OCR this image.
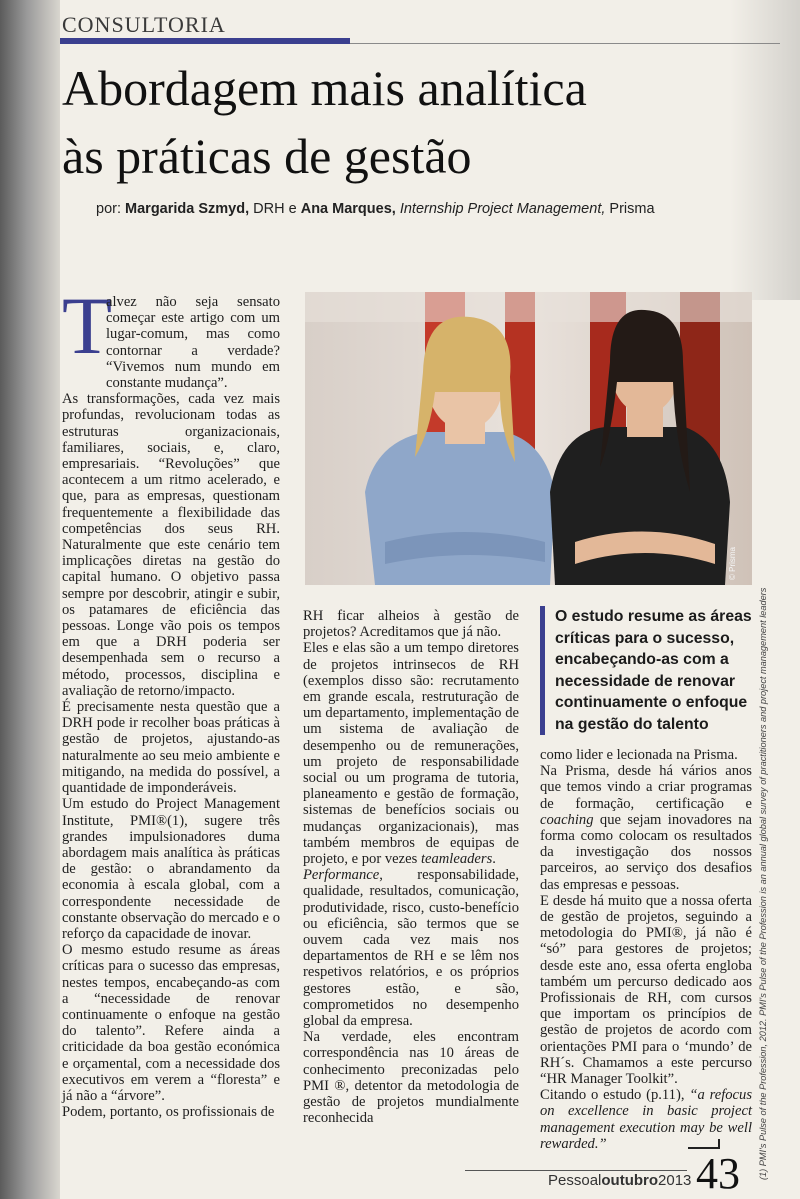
CONSULTORIA
Abordagem mais analítica
às práticas de gestão
por: Margarida Szmyd, DRH e Ana Marques, Internship Project Management, Prisma
T

alvez não seja sensato começar este artigo com um lugar-comum, mas como contornar a verdade? “Vivemos num mundo em constante mudança”.

As transformações, cada vez mais profundas, revolucionam todas as estruturas organizacionais, familiares, sociais, e, claro, empresariais. “Revoluções” que acontecem a um ritmo acelerado, e que, para as empresas, questionam frequentemente a flexibilidade das competências dos seus RH. Naturalmente que este cenário tem implicações diretas na gestão do capital humano. O objetivo passa sempre por descobrir, atingir e subir, os patamares de eficiência das pessoas. Longe vão pois os tempos em que a DRH poderia ser desempenhada sem o recurso a método, processos, disciplina e avaliação de retorno/impacto.

É precisamente nesta questão que a DRH pode ir recolher boas práticas à gestão de projetos, ajustando-as naturalmente ao seu meio ambiente e mitigando, na medida do possível, a quantidade de imponderáveis.

Um estudo do Project Management Institute, PMI®(1), sugere três grandes impulsionadores duma abordagem mais analítica às práticas de gestão: o abrandamento da economia à escala global, com a correspondente necessidade de constante observação do mercado e o reforço da capacidade de inovar.

O mesmo estudo resume as áreas críticas para o sucesso das empresas, nestes tempos, encabeçando-as com a “necessidade de renovar continuamente o enfoque na gestão do talento”. Refere ainda a criticidade da boa gestão económica e orçamental, com a necessidade dos executivos em verem a “floresta” e já não a “árvore”.

Podem, portanto, os profissionais de

© Prisma

RH ficar alheios à gestão de projetos? Acreditamos que já não.

Eles e elas são a um tempo diretores de projetos intrinsecos de RH (exemplos disso são: recrutamento em grande escala, restruturação de um departamento, implementação de um sistema de avaliação de desempenho ou de remunerações, um projeto de responsabilidade social ou um programa de tutoria, planeamento e gestão de formação, sistemas de benefícios sociais ou mudanças organizacionais), mas também membros de equipas de projeto, e por vezes teamleaders.

Performance, responsabilidade, qualidade, resultados, comunicação, produtividade, risco, custo-benefício ou eficiência, são termos que se ouvem cada vez mais nos departamentos de RH e se lêm nos respetivos relatórios, e os próprios gestores estão, e são, comprometidos no desempenho global da empresa.

Na verdade, eles encontram correspondência nas 10 áreas de conhecimento preconizadas pelo PMI ®, detentor da metodologia de gestão de projetos mundialmente reconhecida

O estudo resume as áreas críticas para o sucesso, encabeçando-as com a necessidade de renovar continuamente o enfoque na gestão do talento

como lider e lecionada na Prisma.

Na Prisma, desde há vários anos que temos vindo a criar programas de formação, certificação e coaching que sejam inovadores na forma como colocam os resultados da investigação dos nossos parceiros, ao serviço dos desafios das empresas e pessoas.

E desde há muito que a nossa oferta de gestão de projetos, seguindo a metodologia do PMI®, já não é “só” para gestores de projetos; desde este ano, essa oferta engloba também um percurso dedicado aos Profissionais de RH, com cursos que importam os princípios de gestão de projetos de acordo com orientações PMI para o ‘mundo’ de RH´s. Chamamos a este percurso “HR Manager Toolkit”.

Citando o estudo (p.11), “a refocus on excellence in basic project management execution may be well rewarded.”	(1) PMI's Pulse of the Profession, 2012. PMI's Pulse of the Profession is an annual global survey of practitioners and project management leaders
Pessoaloutubro2013 43
